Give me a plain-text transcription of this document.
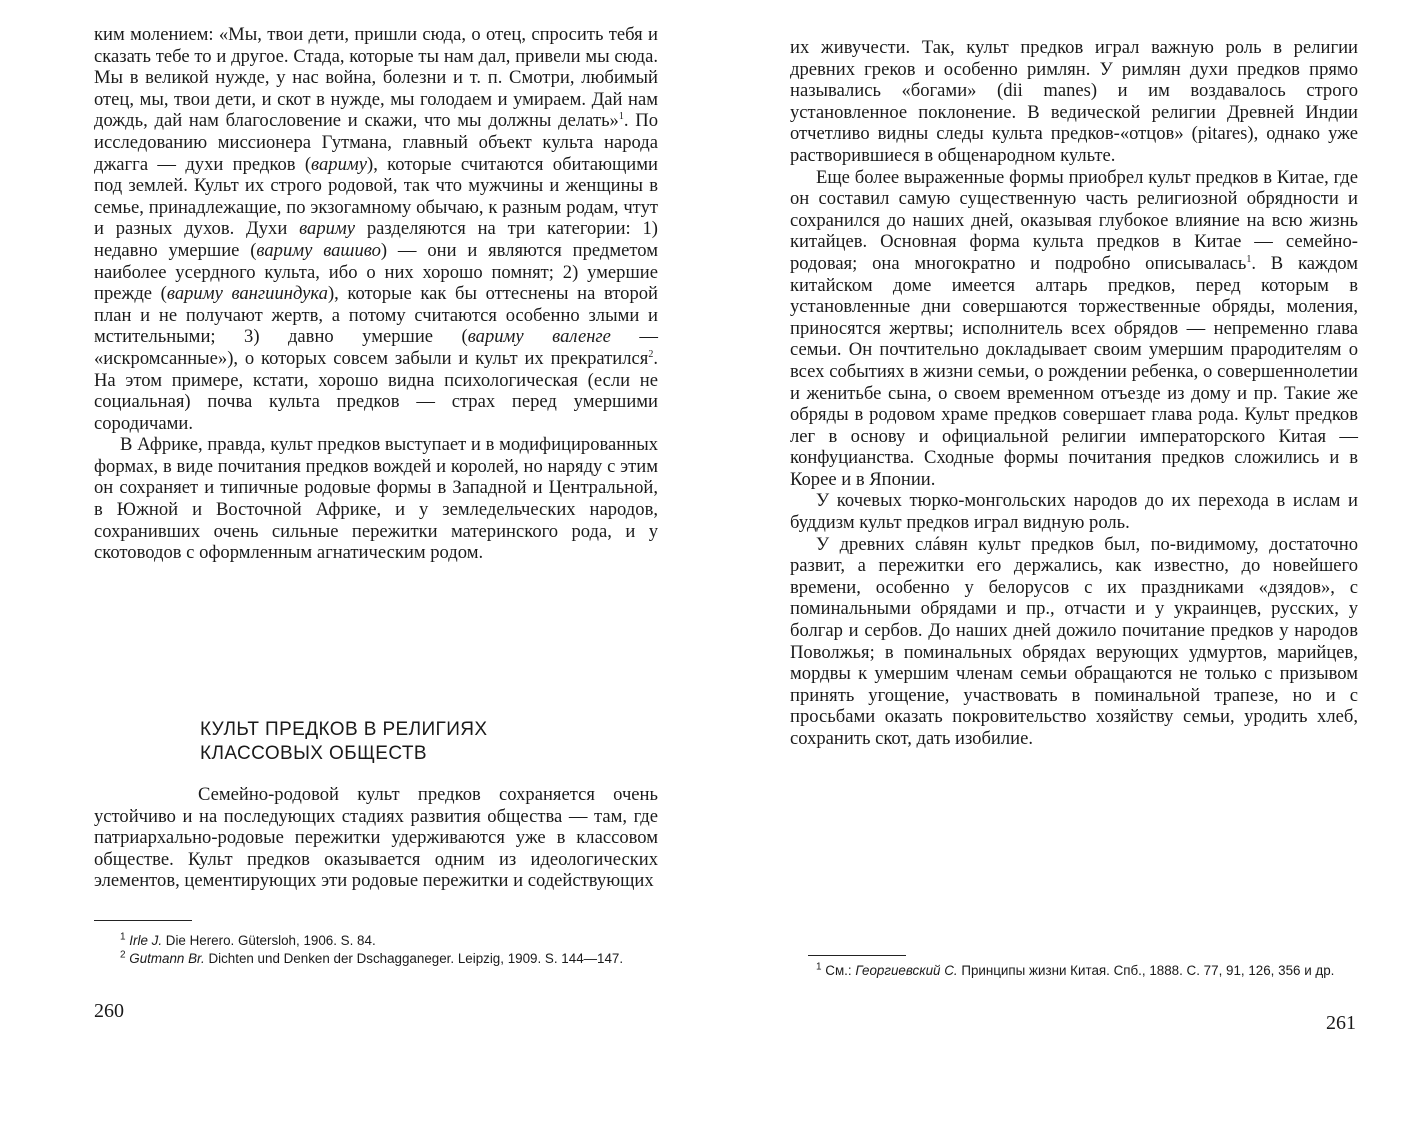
ким молением: «Мы, твои дети, пришли сюда, о отец, спросить тебя и сказать тебе то и другое. Стада, которые ты нам дал, привели мы сюда. Мы в великой нужде, у нас война, болезни и т. п. Смотри, любимый отец, мы, твои дети, и скот в нужде, мы голодаем и умираем. Дай нам дождь, дай нам благословение и скажи, что мы должны делать»$^1$. По исследованию миссионера Гутмана, главный объект культа народа джагга — духи предков (вариму), которые считаются обитающими под землей. Культ их строго родовой, так что мужчины и женщины в семье, принадлежащие, по экзогамному обычаю, к разным родам, чтут и разных духов. Духи вариму разделяются на три категории: 1) недавно умершие (вариму вашиво) — они и являются предметом наиболее усердного культа, ибо о них хорошо помнят; 2) умершие прежде (вариму вангииндука), которые как бы оттеснены на второй план и не получают жертв, а потому считаются особенно злыми и мстительными; 3) давно умершие (вариму валенге — «искромсанные»), о которых совсем забыли и культ их прекратился$^2$. На этом примере, кстати, хорошо видна психологическая (если не социальная) почва культа предков — страх перед умершими сородичами.

В Африке, правда, культ предков выступает и в модифицированных формах, в виде почитания предков вождей и королей, но наряду с этим он сохраняет и типичные родовые формы в Западной и Центральной, в Южной и Восточной Африке, и у земледельческих народов, сохранивших очень сильные пережитки материнского рода, и у скотоводов с оформленным агнатическим родом.

КУЛЬТ ПРЕДКОВ В РЕЛИГИЯХ
КЛАССОВЫХ ОБЩЕСТВ

Семейно-родовой культ предков сохраняется очень устойчиво и на последующих стадиях развития общества — там, где патриархально-родовые пережитки удерживаются уже в классовом обществе. Культ предков оказывается одним из идеологических элементов, цементирующих эти родовые пережитки и содействующих

$^1$ Irle J. Die Herero. Gütersloh, 1906. S. 84.

$^2$ Gutmann Br. Dichten und Denken der Dschagganeger. Leipzig, 1909. S. 144—147.

260

их живучести. Так, культ предков играл важную роль в религии древних греков и особенно римлян. У римлян духи предков прямо назывались «богами» (dii manes) и им воздавалось строго установленное поклонение. В ведической религии Древней Индии отчетливо видны следы культа предков-«отцов» (pitares), однако уже растворившиеся в общенародном культе.

Еще более выраженные формы приобрел культ предков в Китае, где он составил самую существенную часть религиозной обрядности и сохранился до наших дней, оказывая глубокое влияние на всю жизнь китайцев. Основная форма культа предков в Китае — семейно-родовая; она многократно и подробно описывалась$^1$. В каждом китайском доме имеется алтарь предков, перед которым в установленные дни совершаются торжественные обряды, моления, приносятся жертвы; исполнитель всех обрядов — непременно глава семьи. Он почтительно докладывает своим умершим прародителям о всех событиях в жизни семьи, о рождении ребенка, о совершеннолетии и женитьбе сына, о своем временном отъезде из дому и пр. Такие же обряды в родовом храме предков совершает глава рода. Культ предков лег в основу и официальной религии императорского Китая — конфуцианства. Сходные формы почитания предков сложились и в Корее и в Японии.

У кочевых тюрко-монгольских народов до их перехода в ислам и буддизм культ предков играл видную роль.

У древних слáвян культ предков был, по-видимому, достаточно развит, а пережитки его держались, как известно, до новейшего времени, особенно у белорусов с их праздниками «дзядов», с поминальными обрядами и пр., отчасти и у украинцев, русских, у болгар и сербов. До наших дней дожило почитание предков у народов Поволжья; в поминальных обрядах верующих удмуртов, марийцев, мордвы к умершим членам семьи обращаются не только с призывом принять угощение, участвовать в поминальной трапезе, но и с просьбами оказать покровительство хозяйству семьи, уродить хлеб, сохранить скот, дать изобилие.

$^1$ См.: Георгиевский С. Принципы жизни Китая. Спб., 1888. С. 77, 91, 126, 356 и др.

261
